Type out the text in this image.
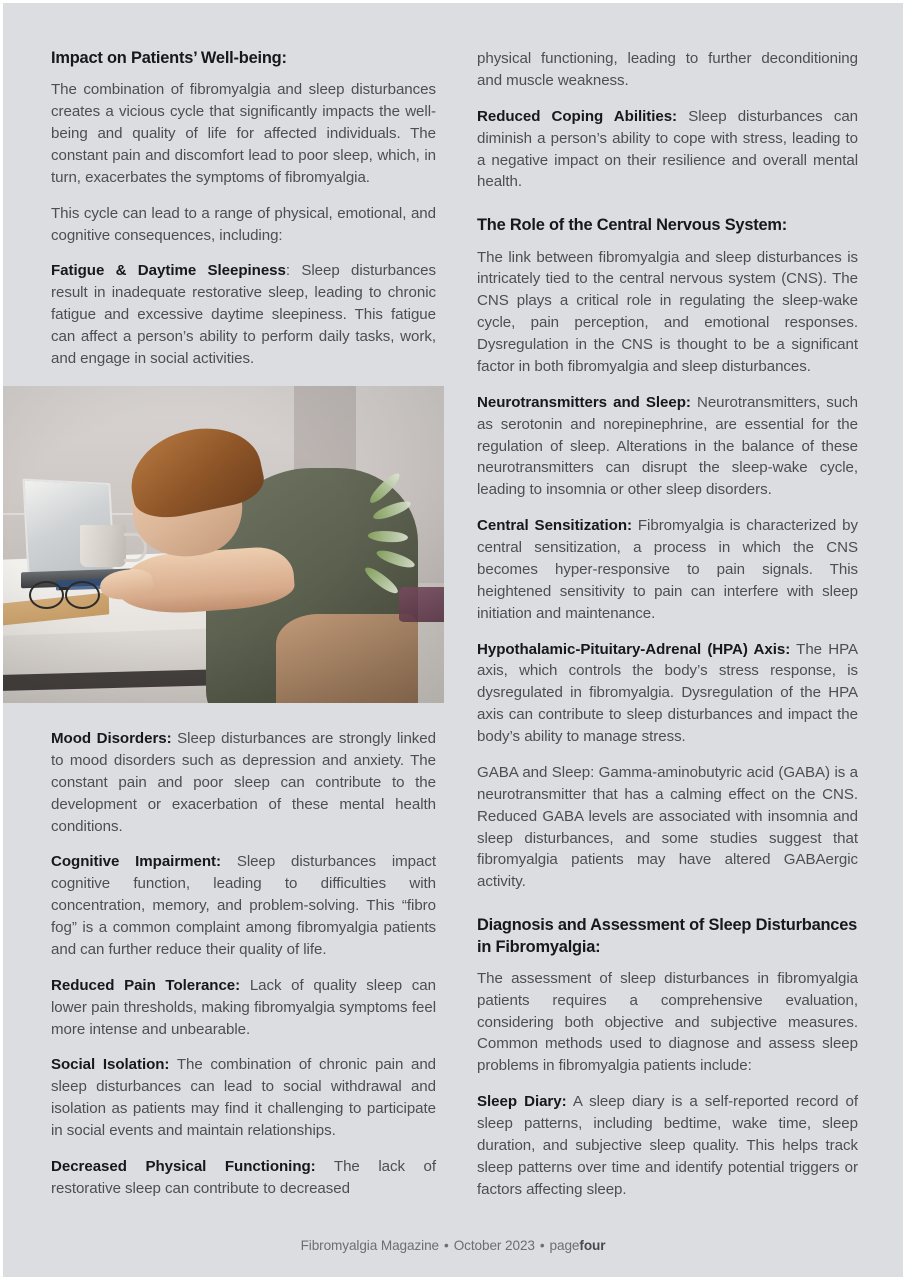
Impact on Patients’ Well-being:

The combination of fibromyalgia and sleep disturbances creates a vicious cycle that significantly impacts the well-being and quality of life for affected individuals. The constant pain and discomfort lead to poor sleep, which, in turn, exacerbates the symptoms of fibromyalgia.

This cycle can lead to a range of physical, emotional, and cognitive consequences, including:

Fatigue & Daytime Sleepiness: Sleep disturbances result in inadequate restorative sleep, leading to chronic fatigue and excessive daytime sleepiness. This fatigue can affect a person’s ability to perform daily tasks, work, and engage in social activities.

Mood Disorders: Sleep disturbances are strongly linked to mood disorders such as depression and anxiety. The constant pain and poor sleep can contribute to the development or exacerbation of these mental health conditions.

Cognitive Impairment: Sleep disturbances impact cognitive function, leading to difficulties with concentration, memory, and problem-solving. This “fibro fog” is a common complaint among fibromyalgia patients and can further reduce their quality of life.

Reduced Pain Tolerance: Lack of quality sleep can lower pain thresholds, making fibromyalgia symptoms feel more intense and unbearable.

Social Isolation: The combination of chronic pain and sleep disturbances can lead to social withdrawal and isolation as patients may find it challenging to participate in social events and maintain relationships.

Decreased Physical Functioning: The lack of restorative sleep can contribute to decreased

physical functioning, leading to further deconditioning and muscle weakness.

Reduced Coping Abilities: Sleep disturbances can diminish a person’s ability to cope with stress, leading to a negative impact on their resilience and overall mental health.

The Role of the Central Nervous System:

The link between fibromyalgia and sleep disturbances is intricately tied to the central nervous system (CNS). The CNS plays a critical role in regulating the sleep-wake cycle, pain perception, and emotional responses. Dysregulation in the CNS is thought to be a significant factor in both fibromyalgia and sleep disturbances.

Neurotransmitters and Sleep: Neurotransmitters, such as serotonin and norepinephrine, are essential for the regulation of sleep. Alterations in the balance of these neurotransmitters can disrupt the sleep-wake cycle, leading to insomnia or other sleep disorders.

Central Sensitization: Fibromyalgia is characterized by central sensitization, a process in which the CNS becomes hyper-responsive to pain signals. This heightened sensitivity to pain can interfere with sleep initiation and maintenance.

Hypothalamic-Pituitary-Adrenal (HPA) Axis: The HPA axis, which controls the body’s stress response, is dysregulated in fibromyalgia. Dysregulation of the HPA axis can contribute to sleep disturbances and impact the body’s ability to manage stress.

GABA and Sleep: Gamma-aminobutyric acid (GABA) is a neurotransmitter that has a calming effect on the CNS. Reduced GABA levels are associated with insomnia and sleep disturbances, and some studies suggest that fibromyalgia patients may have altered GABAergic activity.

Diagnosis and Assessment of Sleep Disturbances in Fibromyalgia:

The assessment of sleep disturbances in fibromyalgia patients requires a comprehensive evaluation, considering both objective and subjective measures. Common methods used to diagnose and assess sleep problems in fibromyalgia patients include:

Sleep Diary: A sleep diary is a self-reported record of sleep patterns, including bedtime, wake time, sleep duration, and subjective sleep quality. This helps track sleep patterns over time and identify potential triggers or factors affecting sleep.

Fibromyalgia Magazine • October 2023 • pagefour
